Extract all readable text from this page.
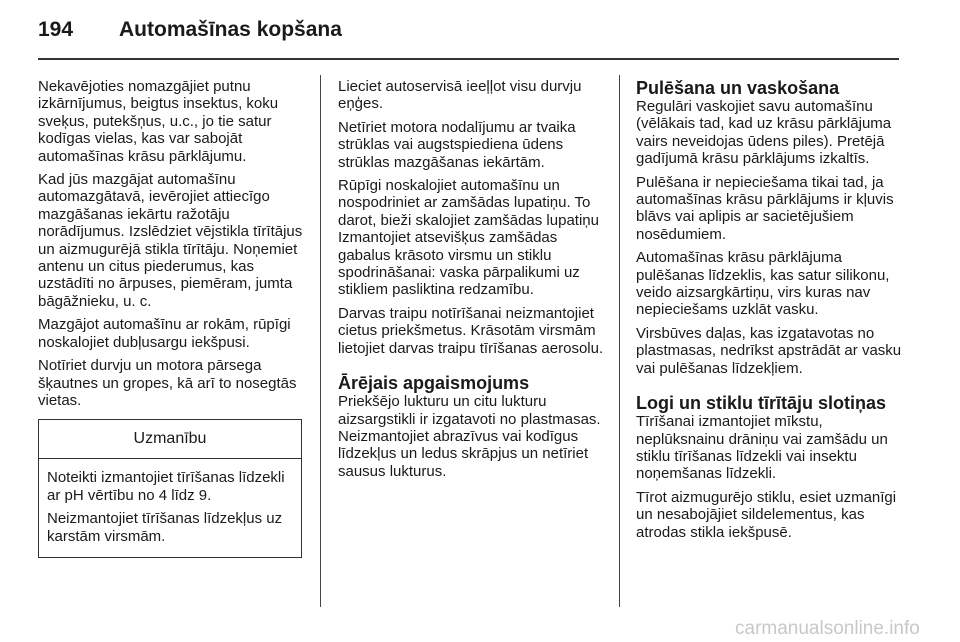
194 Automašīnas kopšana

Nekavējoties nomazgājiet putnu izkārnījumus, beigtus insektus, koku sveķus, putekšņus, u.c., jo tie satur kodīgas vielas, kas var sabojāt automašīnas krāsu pārklājumu.

Kad jūs mazgājat automašīnu automazgātavā, ievērojiet attiecīgo mazgāšanas iekārtu ražotāju norādījumus. Izslēdziet vējstikla tīrītājus un aizmugurējā stikla tīrītāju. Noņemiet antenu un citus piederumus, kas uzstādīti no ārpuses, piemēram, jumta bāgāžnieku, u. c.

Mazgājot automašīnu ar rokām, rūpīgi noskalojiet dubļusargu iekšpusi.

Notīriet durvju un motora pārsega šķautnes un gropes, kā arī to nosegtās vietas.

Uzmanību

Noteikti izmantojiet tīrīšanas līdzekli ar pH vērtību no 4 līdz 9.

Neizmantojiet tīrīšanas līdzekļus uz karstām virsmām.

Lieciet autoservisā ieeļļot visu durvju eņģes.

Netīriet motora nodalījumu ar tvaika strūklas vai augstspiediena ūdens strūklas mazgāšanas iekārtām.

Rūpīgi noskalojiet automašīnu un nospodriniet ar zamšādas lupatiņu. To darot, bieži skalojiet zamšādas lupatiņu Izmantojiet atsevišķus zamšādas gabalus krāsoto virsmu un stiklu spodrināšanai: vaska pārpalikumi uz stikliem pasliktina redzamību.

Darvas traipu notīrīšanai neizmantojiet cietus priekšmetus. Krāsotām virsmām lietojiet darvas traipu tīrīšanas aerosolu.

Ārējais apgaismojums

Priekšējo lukturu un citu lukturu aizsargstikli ir izgatavoti no plastmasas. Neizmantojiet abrazīvus vai kodīgus līdzekļus un ledus skrāpjus un netīriet sausus lukturus.

Pulēšana un vaskošana

Regulāri vaskojiet savu automašīnu (vēlākais tad, kad uz krāsu pārklājuma vairs neveidojas ūdens piles). Pretējā gadījumā krāsu pārklājums izkaltīs.

Pulēšana ir nepieciešama tikai tad, ja automašīnas krāsu pārklājums ir kļuvis blāvs vai aplipis ar sacietējušiem nosēdumiem.

Automašīnas krāsu pārklājuma pulēšanas līdzeklis, kas satur silikonu, veido aizsargkārtiņu, virs kuras nav nepieciešams uzklāt vasku.

Virsbūves daļas, kas izgatavotas no plastmasas, nedrīkst apstrādāt ar vasku vai pulēšanas līdzekļiem.

Logi un stiklu tīrītāju slotiņas

Tīrīšanai izmantojiet mīkstu, neplūksnainu drāniņu vai zamšādu un stiklu tīrīšanas līdzekli vai insektu noņemšanas līdzekli.

Tīrot aizmugurējo stiklu, esiet uzmanīgi un nesabojājiet sildelementus, kas atrodas stikla iekšpusē.

carmanualsonline.info
